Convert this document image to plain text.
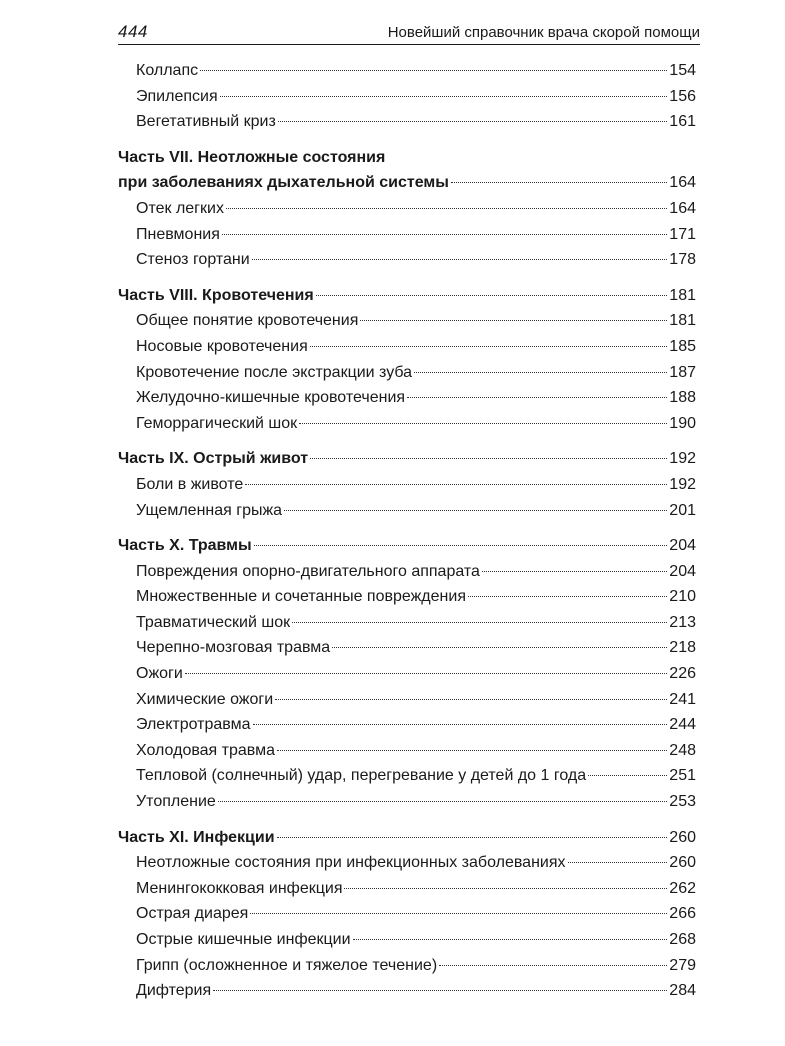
444	Новейший справочник врача скорой помощи
Коллапс	154
Эпилепсия	156
Вегетативный криз	161
Часть VII. Неотложные состояния
при заболеваниях дыхательной системы	164
Отек легких	164
Пневмония	171
Стеноз гортани	178
Часть VIII. Кровотечения	181
Общее понятие кровотечения	181
Носовые кровотечения	185
Кровотечение после экстракции зуба	187
Желудочно-кишечные кровотечения	188
Геморрагический шок	190
Часть IX. Острый живот	192
Боли в животе	192
Ущемленная грыжа	201
Часть X. Травмы	204
Повреждения опорно-двигательного аппарата	204
Множественные и сочетанные повреждения	210
Травматический шок	213
Черепно-мозговая травма	218
Ожоги	226
Химические ожоги	241
Электротравма	244
Холодовая травма	248
Тепловой (солнечный) удар, перегревание у детей до 1 года	251
Утопление	253
Часть XI. Инфекции	260
Неотложные состояния при инфекционных заболеваниях	260
Менингококковая инфекция	262
Острая диарея	266
Острые кишечные инфекции	268
Грипп (осложненное и тяжелое течение)	279
Дифтерия	284
